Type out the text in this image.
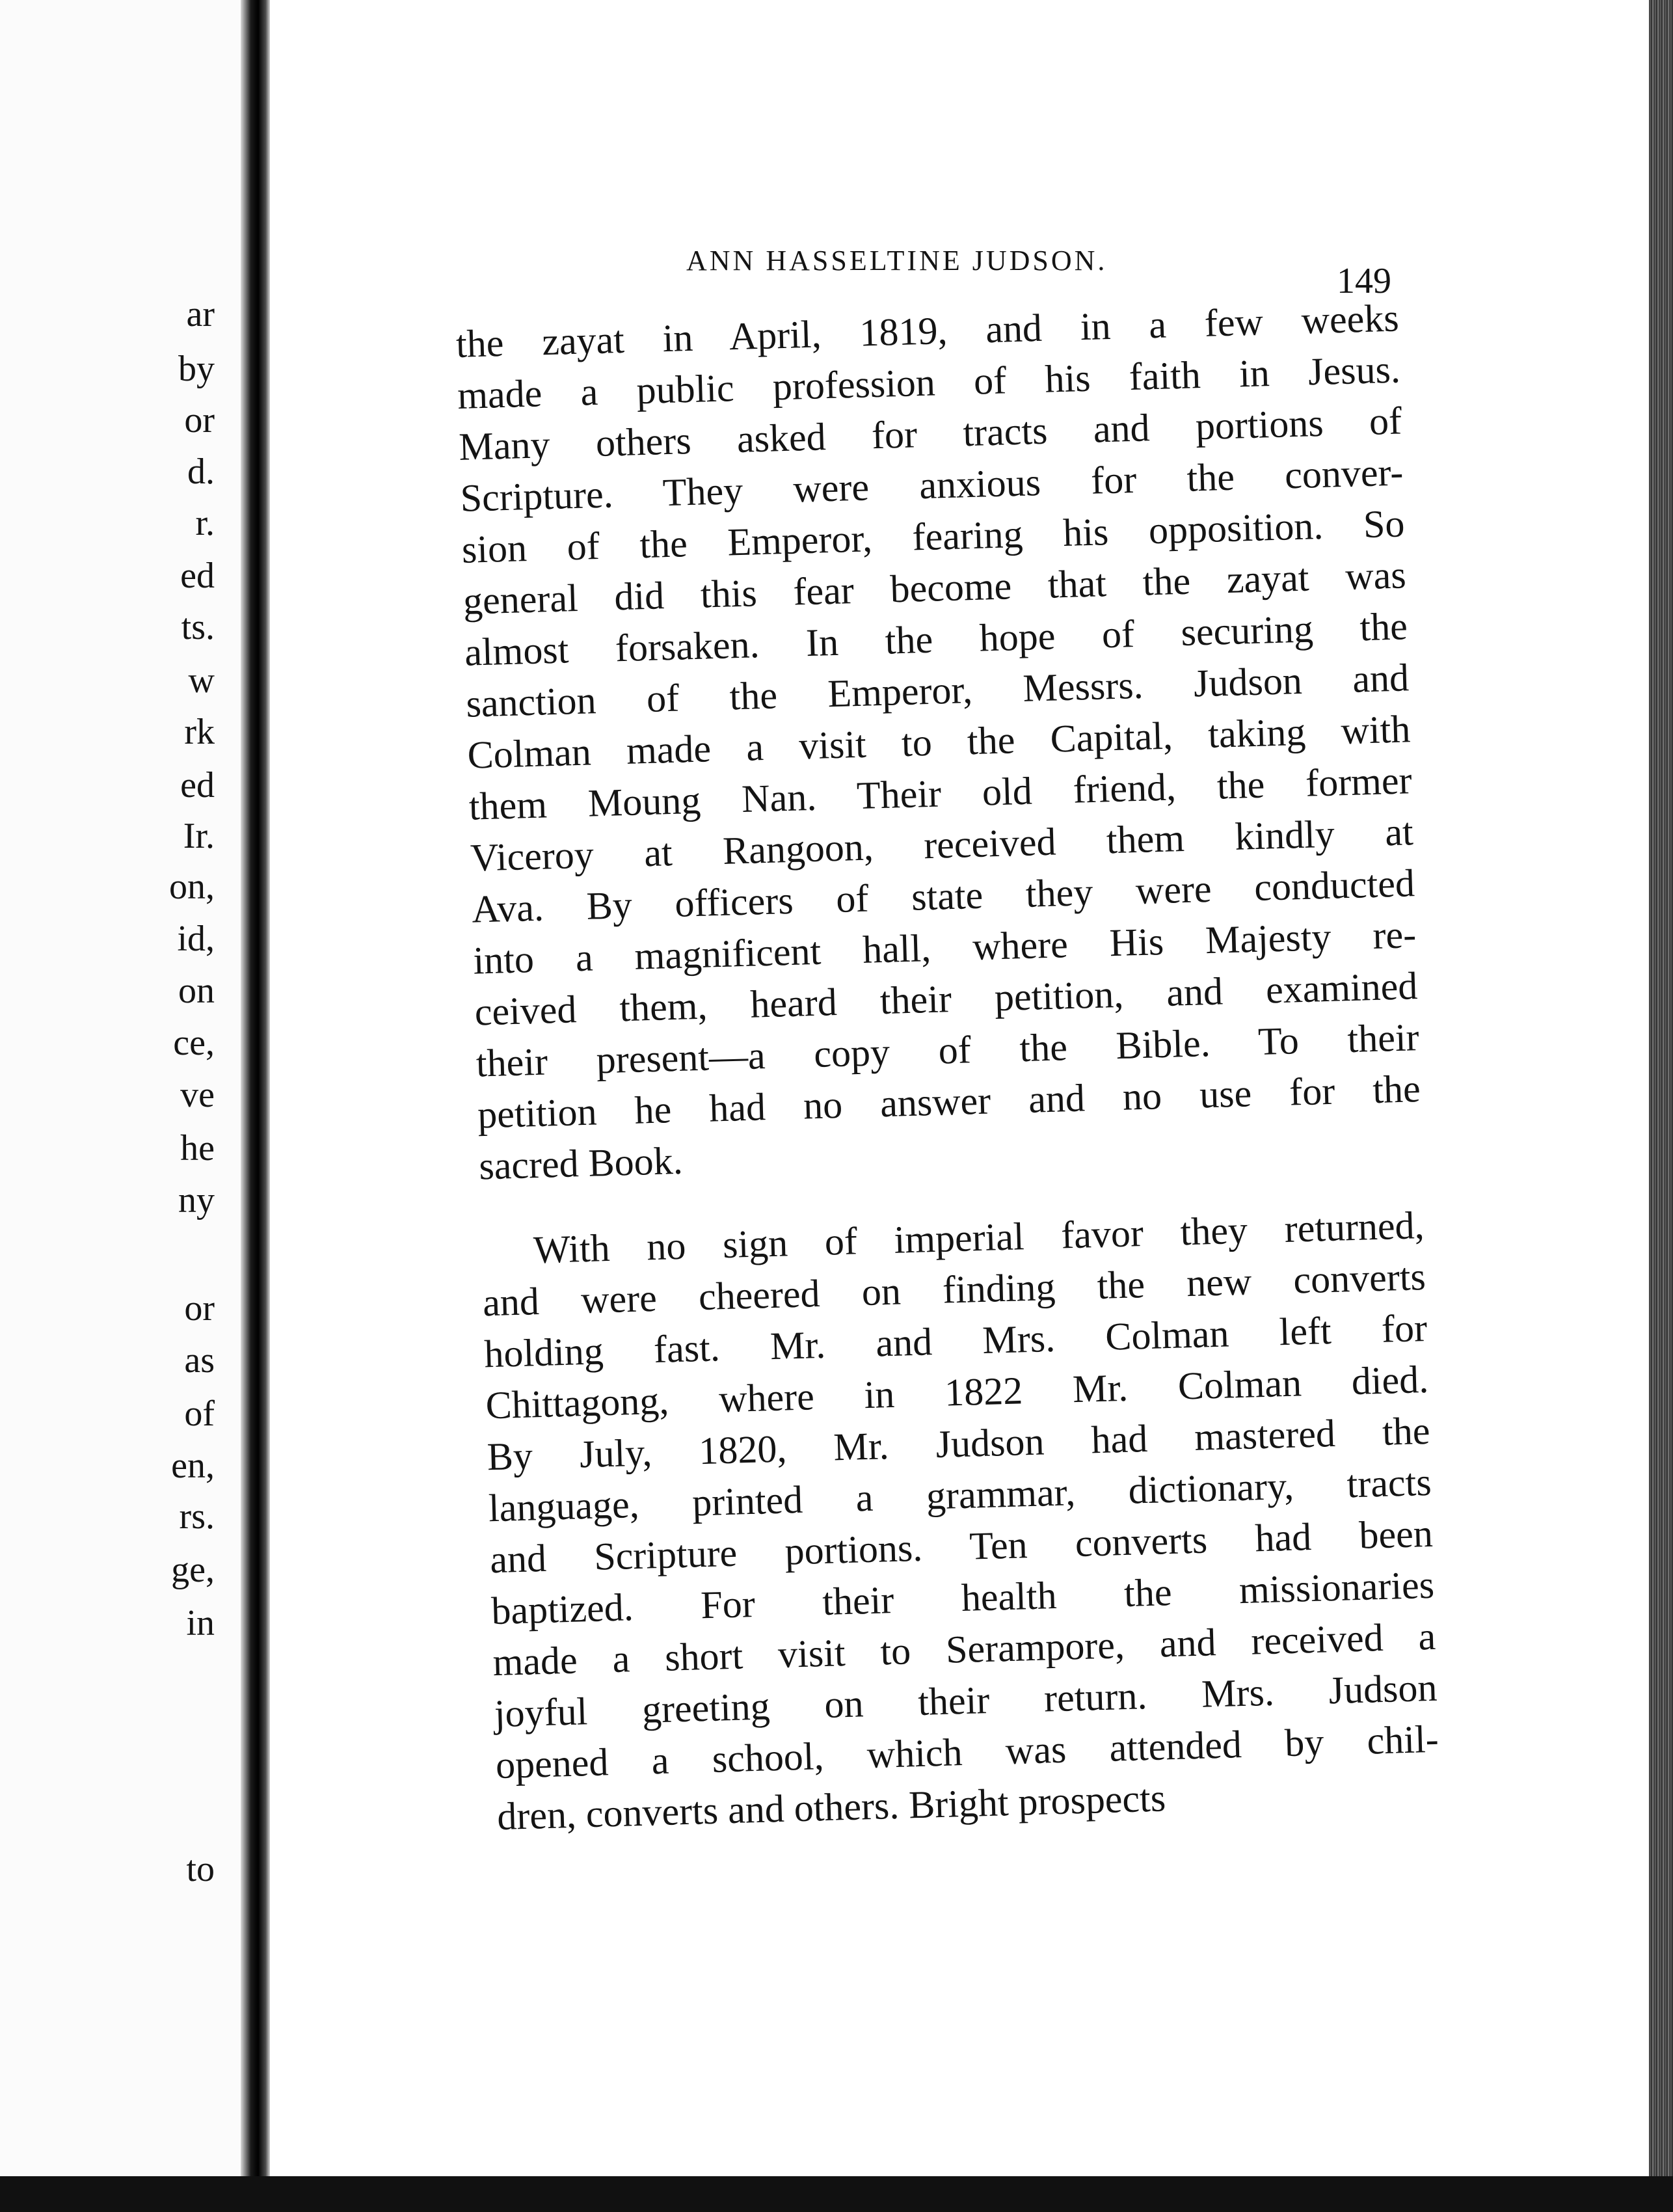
ar
by
or
d.
r.
ed
ts.
w
rk
ed
Ir.
on,
id,
on
ce,
ve
he
ny
or
as
of
en,
rs.
ge,
in
to
ANN HASSELTINE JUDSON.
149
the zayat in April, 1819, and in a few weeks
made a public profession of his faith in Jesus.
Many others asked for tracts and portions of
Scripture. They were anxious for the conver-
sion of the Emperor, fearing his opposition. So
general did this fear become that the zayat was
almost forsaken. In the hope of securing the
sanction of the Emperor, Messrs. Judson and
Colman made a visit to the Capital, taking with
them Moung Nan. Their old friend, the former
Viceroy at Rangoon, received them kindly at
Ava. By officers of state they were conducted
into a magnificent hall, where His Majesty re-
ceived them, heard their petition, and examined
their present—a copy of the Bible. To their
petition he had no answer and no use for the
sacred Book.
With no sign of imperial favor they returned,
and were cheered on finding the new converts
holding fast. Mr. and Mrs. Colman left for
Chittagong, where in 1822 Mr. Colman died.
By July, 1820, Mr. Judson had mastered the
language, printed a grammar, dictionary, tracts
and Scripture portions. Ten converts had been
baptized. For their health the missionaries
made a short visit to Serampore, and received a
joyful greeting on their return. Mrs. Judson
opened a school, which was attended by chil-
dren, converts and others. Bright prospects
